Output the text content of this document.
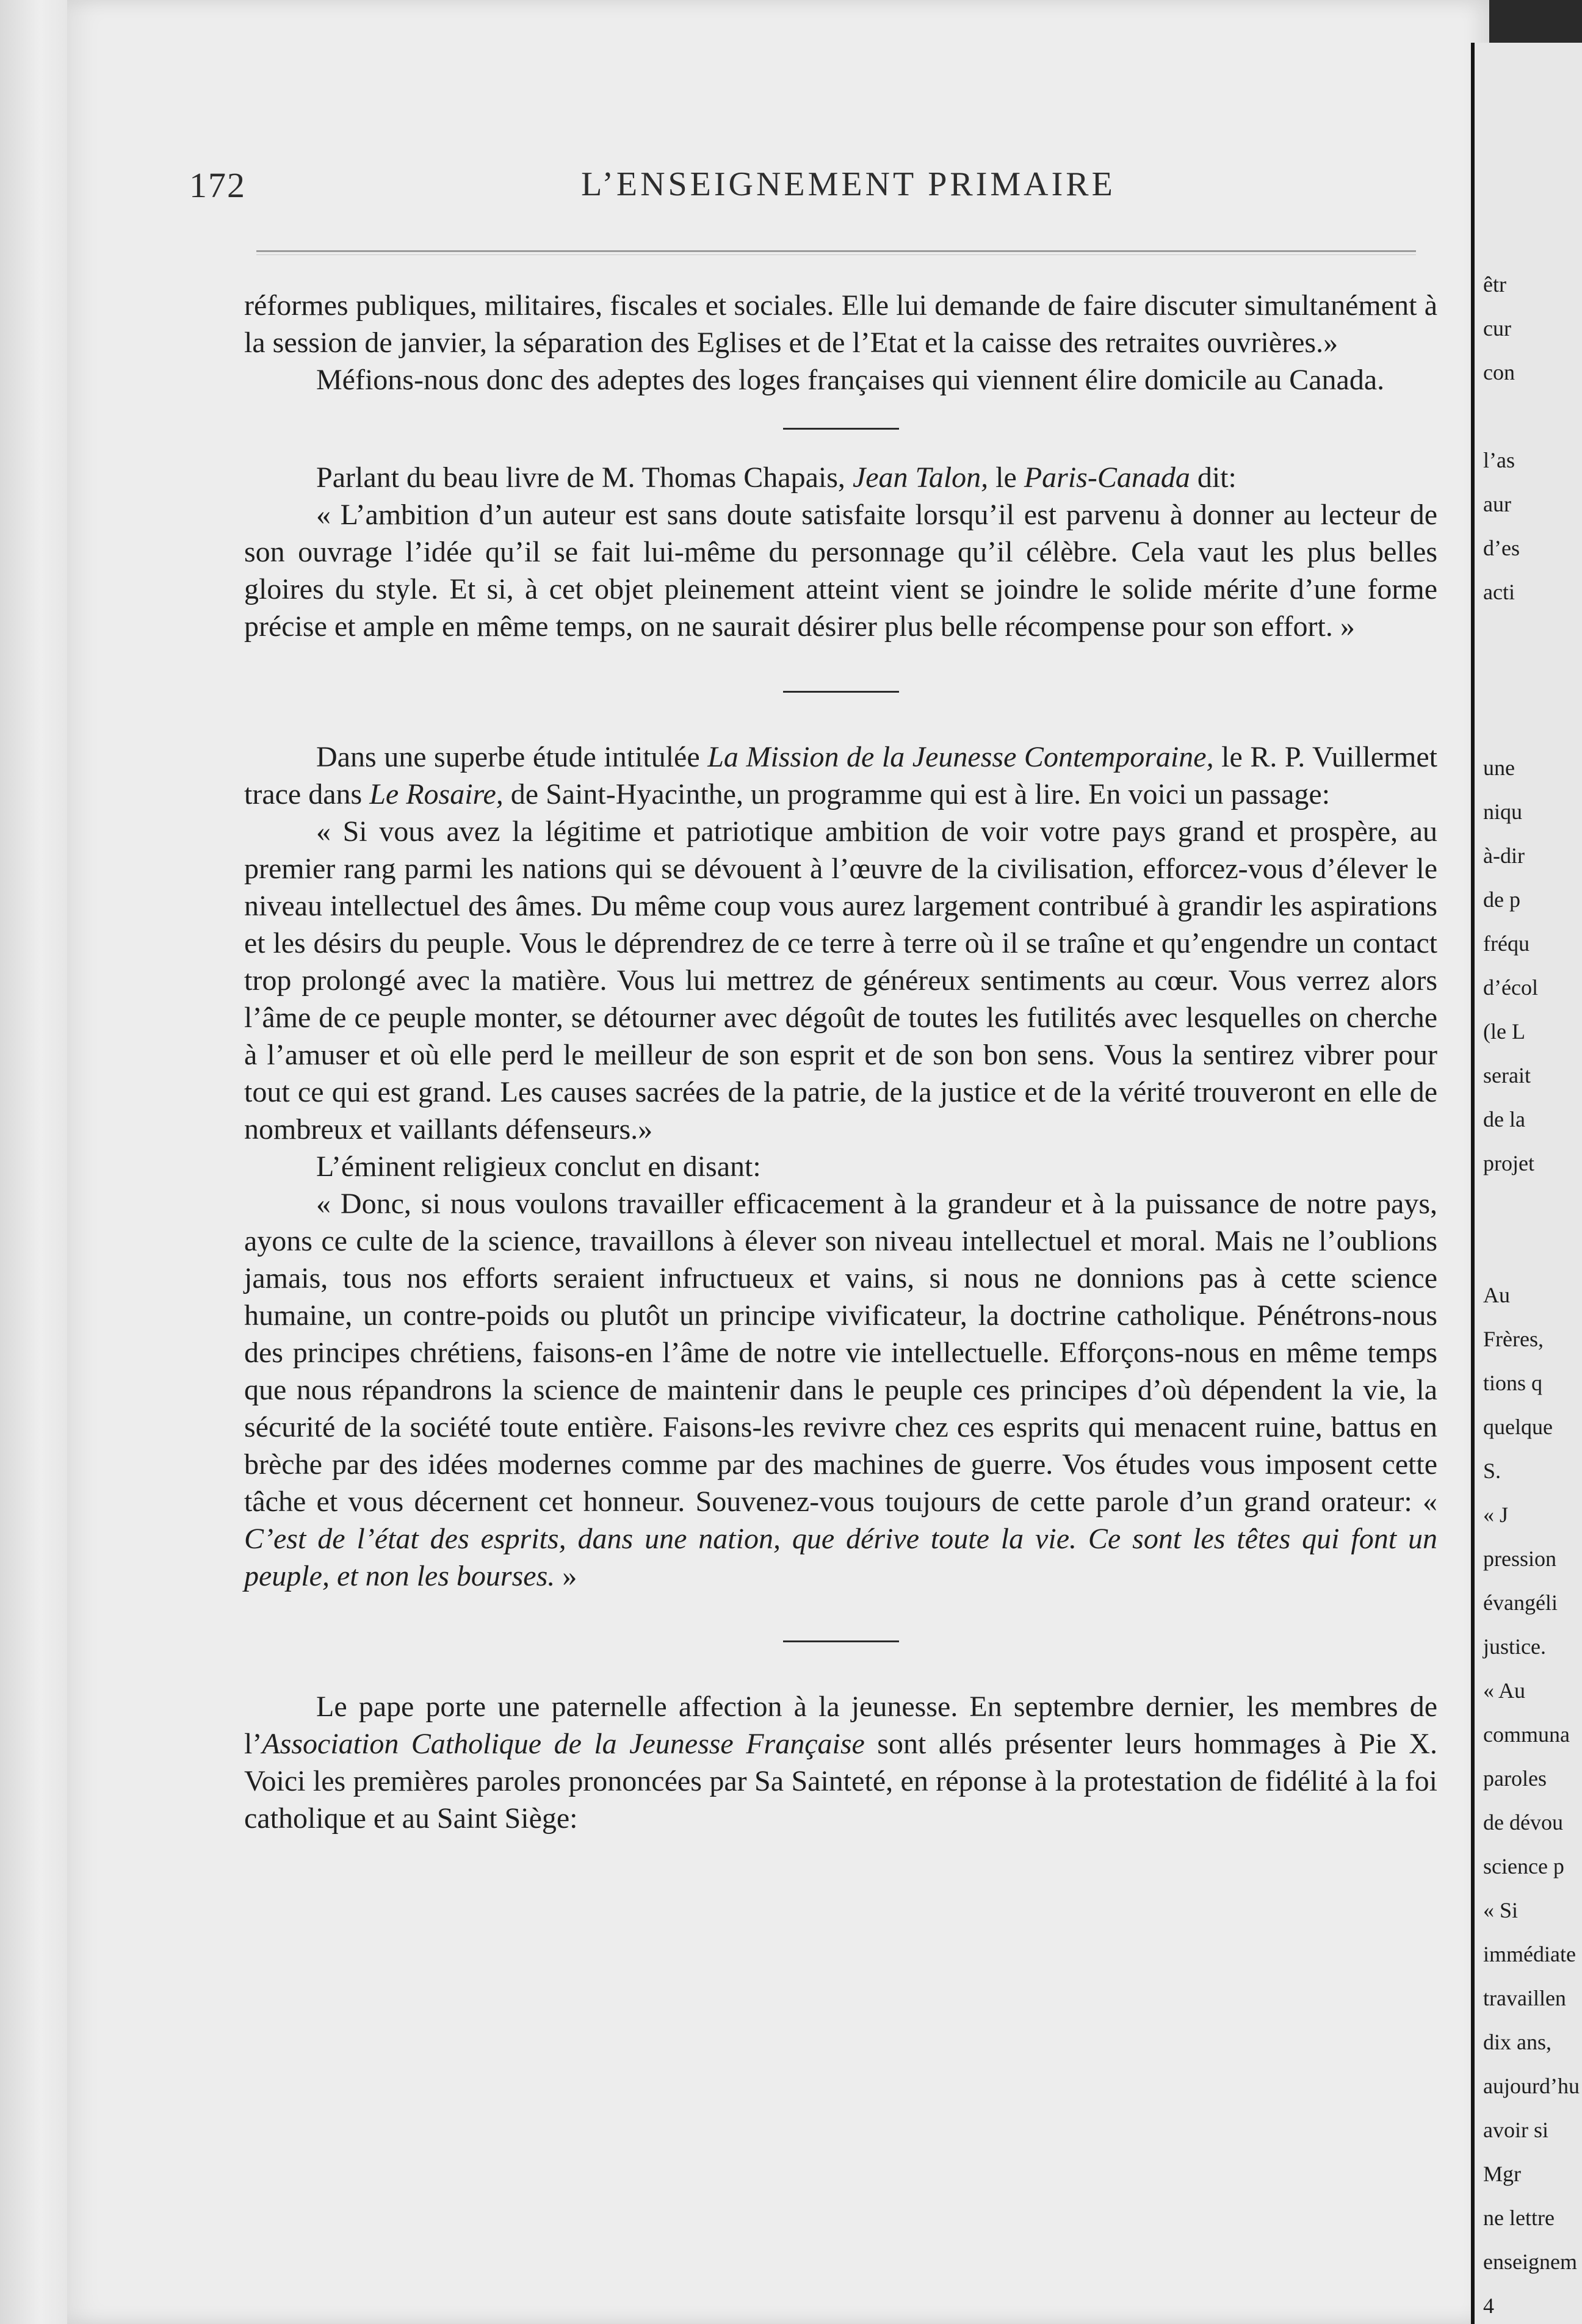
172	L’ENSEIGNEMENT PRIMAIRE

réformes publiques, militaires, fiscales et sociales. Elle lui demande de faire discuter simultanément à la session de janvier, la séparation des Eglises et de l’Etat et la caisse des retraites ouvrières.»

Méfions-nous donc des adeptes des loges françaises qui viennent élire domicile au Canada.

Parlant du beau livre de M. Thomas Chapais, Jean Talon, le Paris-Canada dit:

« L’ambition d’un auteur est sans doute satisfaite lorsqu’il est parvenu à donner au lecteur de son ouvrage l’idée qu’il se fait lui-même du personnage qu’il célèbre. Cela vaut les plus belles gloires du style. Et si, à cet objet pleinement atteint vient se joindre le solide mérite d’une forme précise et ample en même temps, on ne saurait désirer plus belle récompense pour son effort. »

Dans une superbe étude intitulée La Mission de la Jeunesse Contemporaine, le R. P. Vuillermet trace dans Le Rosaire, de Saint-Hyacinthe, un programme qui est à lire. En voici un passage:

« Si vous avez la légitime et patriotique ambition de voir votre pays grand et prospère, au premier rang parmi les nations qui se dévouent à l’œuvre de la civilisation, efforcez-vous d’élever le niveau intellectuel des âmes. Du même coup vous aurez largement contribué à grandir les aspirations et les désirs du peuple. Vous le déprendrez de ce terre à terre où il se traîne et qu’engendre un contact trop prolongé avec la matière. Vous lui mettrez de généreux sentiments au cœur. Vous verrez alors l’âme de ce peuple monter, se détourner avec dégoût de toutes les futilités avec lesquelles on cherche à l’amuser et où elle perd le meilleur de son esprit et de son bon sens. Vous la sentirez vibrer pour tout ce qui est grand. Les causes sacrées de la patrie, de la justice et de la vérité trouveront en elle de nombreux et vaillants défenseurs.»

L’éminent religieux conclut en disant:

« Donc, si nous voulons travailler efficacement à la grandeur et à la puissance de notre pays, ayons ce culte de la science, travaillons à élever son niveau intellectuel et moral. Mais ne l’oublions jamais, tous nos efforts seraient infructueux et vains, si nous ne donnions pas à cette science humaine, un contre-poids ou plutôt un principe vivificateur, la doctrine catholique. Pénétrons-nous des principes chrétiens, faisons-en l’âme de notre vie intellectuelle. Efforçons-nous en même temps que nous répandrons la science de maintenir dans le peuple ces principes d’où dépendent la vie, la sécurité de la société toute entière. Faisons-les revivre chez ces esprits qui menacent ruine, battus en brèche par des idées modernes comme par des machines de guerre. Vos études vous imposent cette tâche et vous décernent cet honneur. Souvenez-vous toujours de cette parole d’un grand orateur: « C’est de l’état des esprits, dans une nation, que dérive toute la vie. Ce sont les têtes qui font un peuple, et non les bourses. »

Le pape porte une paternelle affection à la jeunesse. En septembre dernier, les membres de l’Association Catholique de la Jeunesse Française sont allés présenter leurs hommages à Pie X. Voici les premières paroles prononcées par Sa Sainteté, en réponse à la protestation de fidélité à la foi catholique et au Saint Siège:

êtr
cur
con

l’as
aur
d’es
acti

une
niqu
à-dir
de p
fréqu
d’écol
(le L
serait
de la
projet

Au
Frères,
tions q
quelque
S.
« J
pression
évangéli
justice.
« Au
communa
paroles
de dévou
science p
« Si
immédiate
travaillen
dix ans,
aujourd’hu
avoir si
Mgr
ne lettre
enseignem
4
